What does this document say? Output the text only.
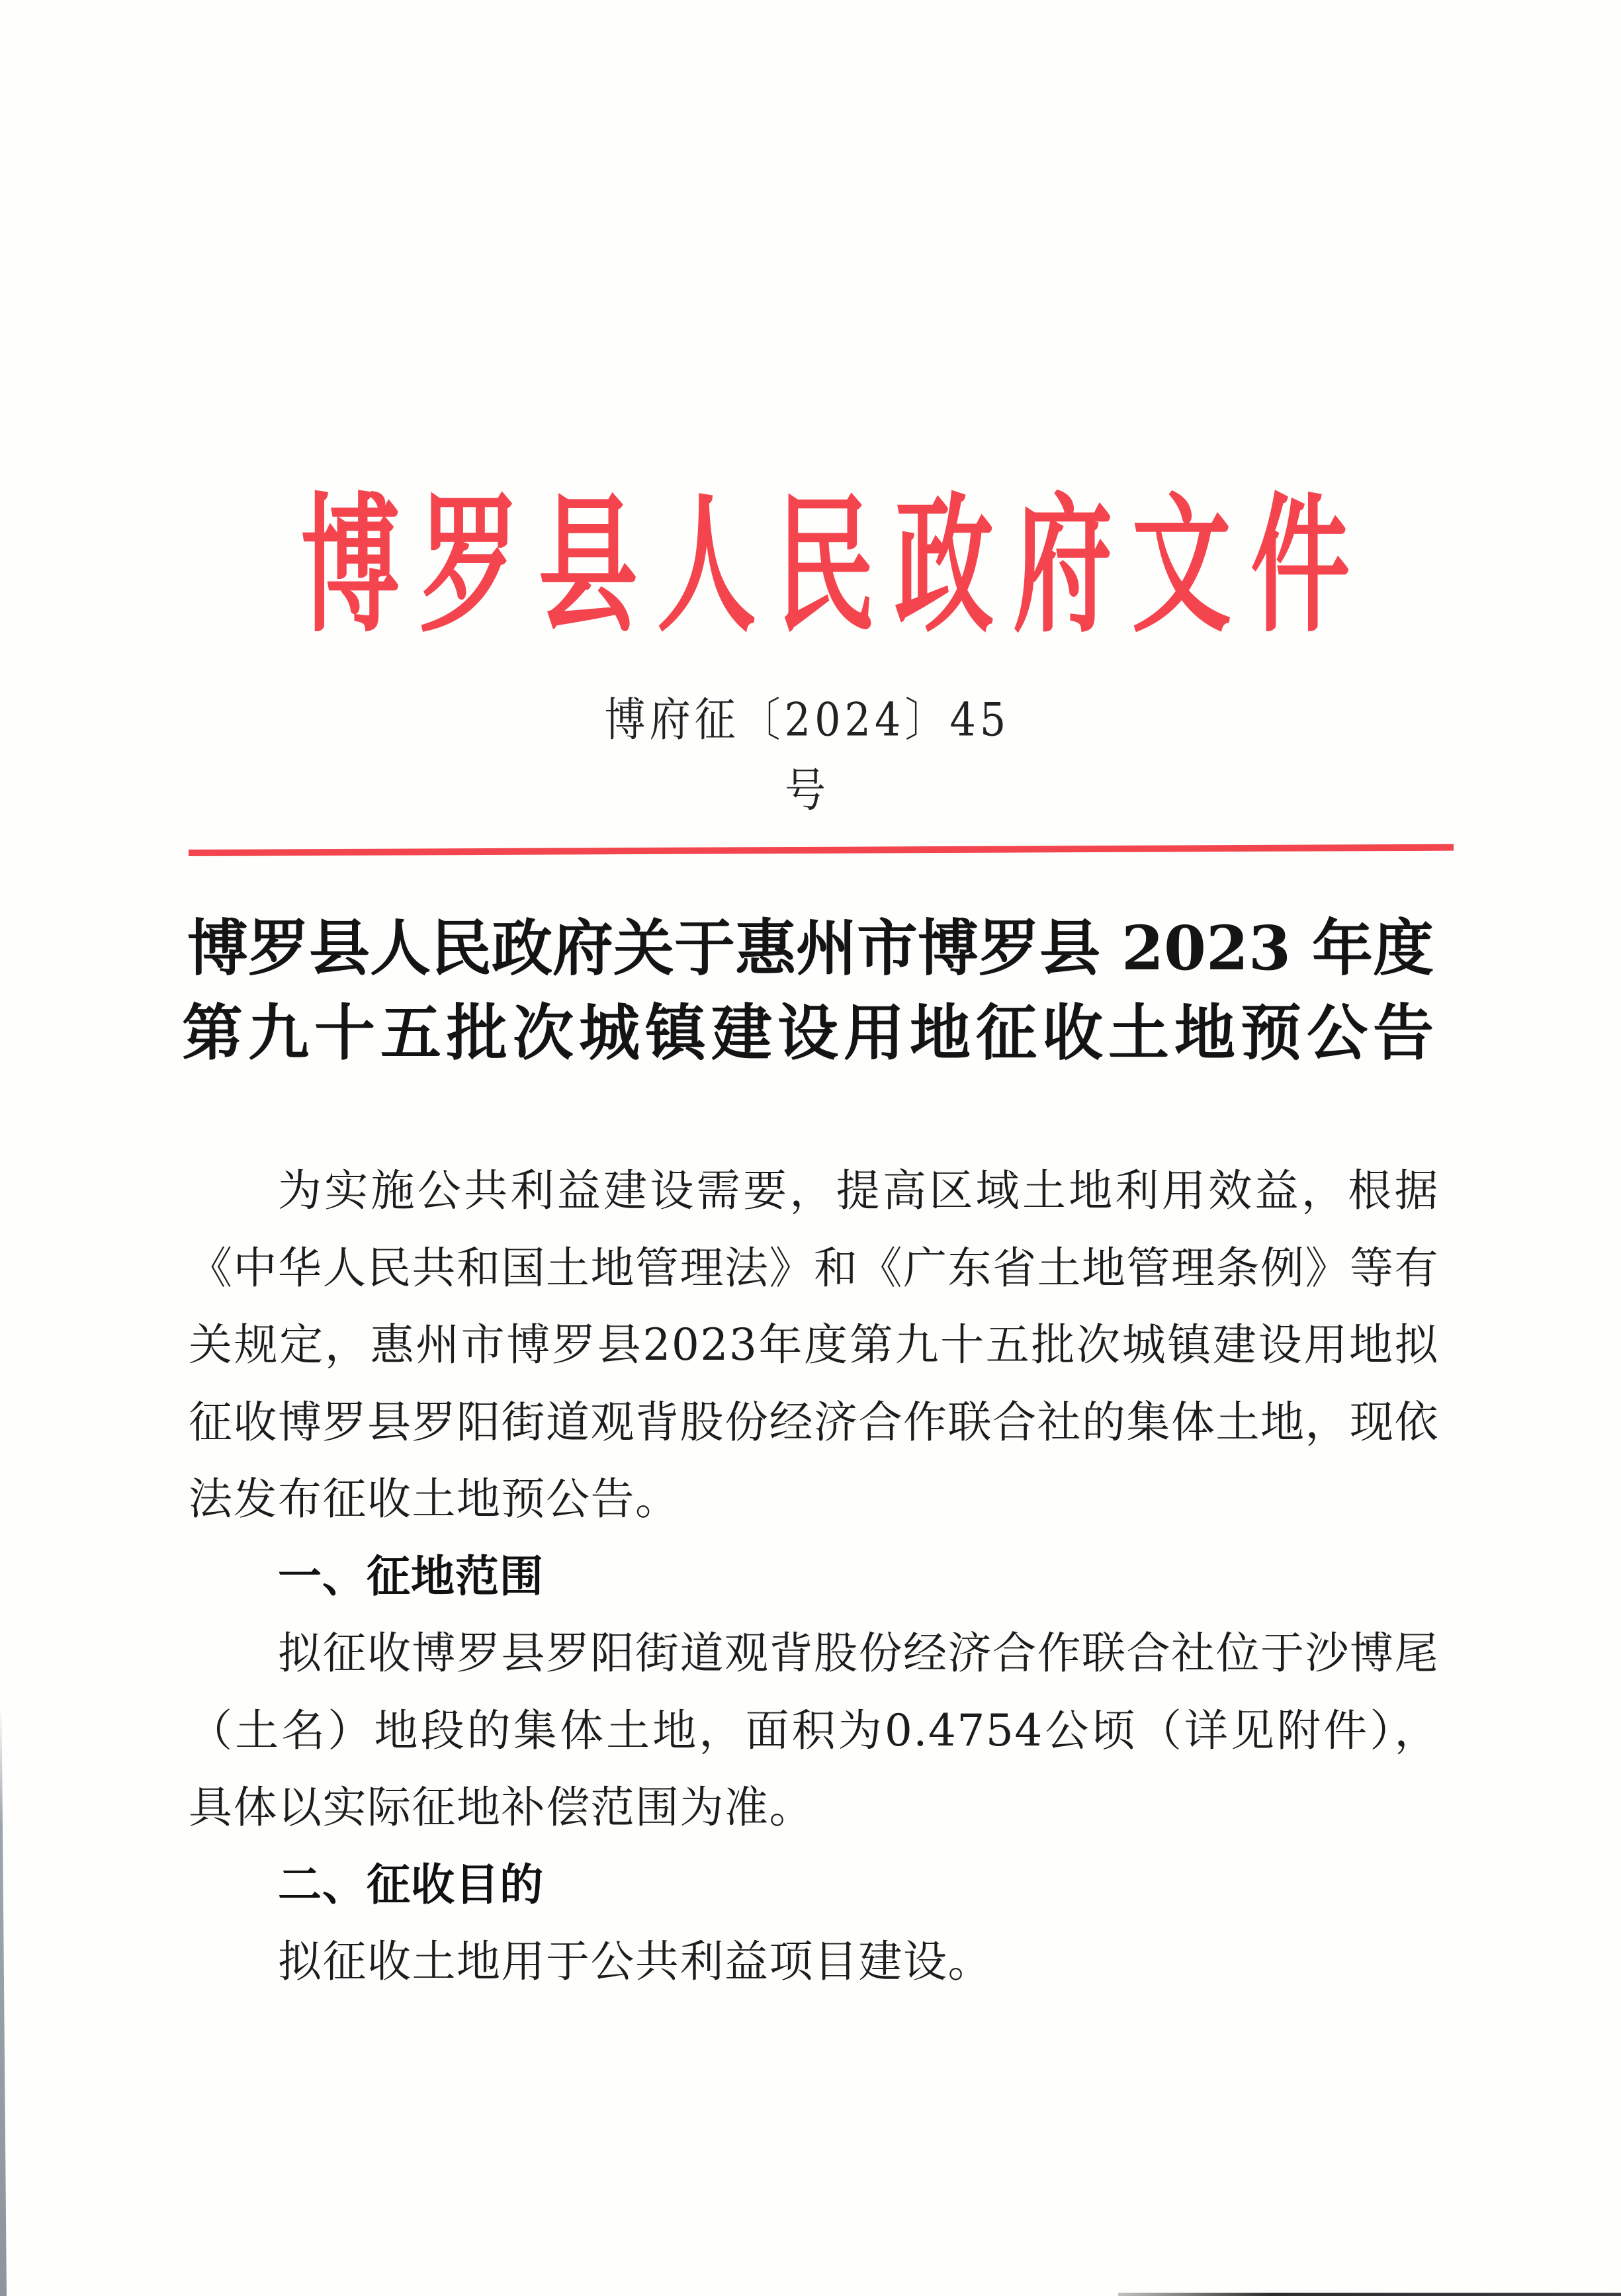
博 罗 县 人 民 政 府 文 件
博府征〔2024〕45号
博罗县人民政府关于惠州市博罗县 2023 年度
第九十五批次城镇建设用地征收土地预公告

为实施公共利益建设需要，提高区域土地利用效益，根据《中华人民共和国土地管理法》和《广东省土地管理条例》等有关规定，惠州市博罗县2023年度第九十五批次城镇建设用地拟征收博罗县罗阳街道观背股份经济合作联合社的集体土地，现依法发布征收土地预公告。

一、征地范围

拟征收博罗县罗阳街道观背股份经济合作联合社位于沙博尾（土名）地段的集体土地，面积为0.4754公顷（详见附件），具体以实际征地补偿范围为准。

二、征收目的

拟征收土地用于公共利益项目建设。
